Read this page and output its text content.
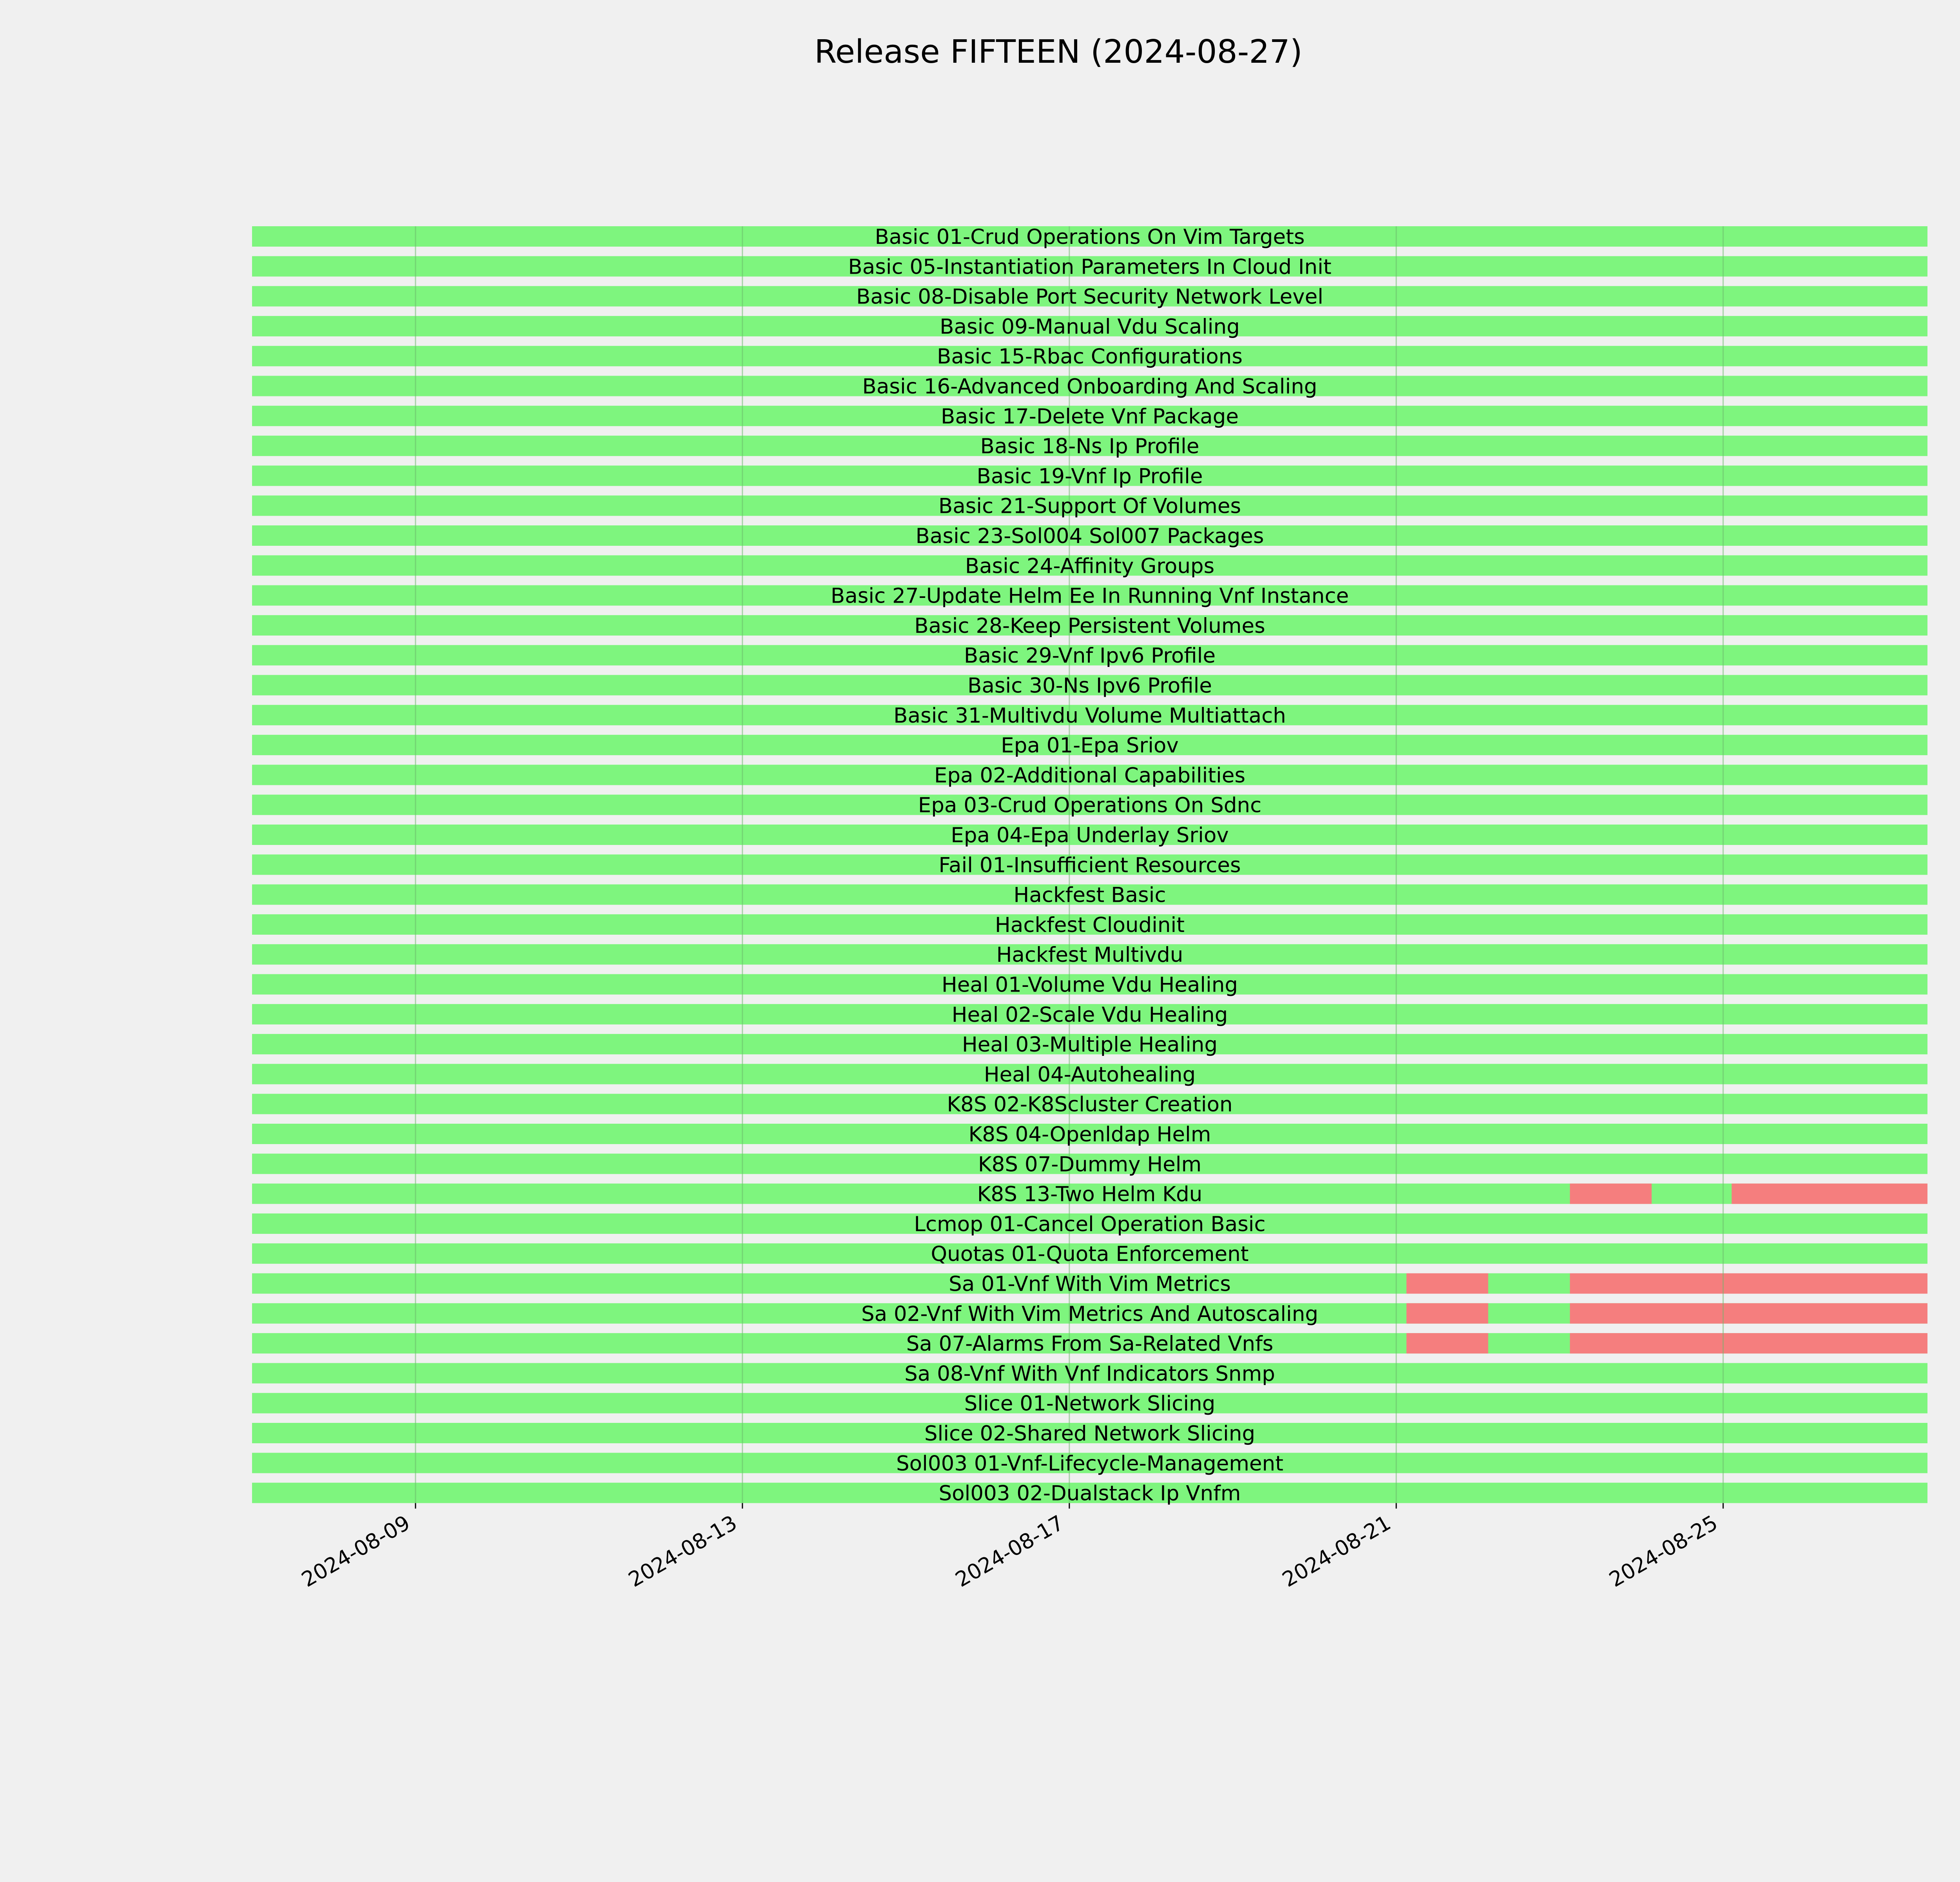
Release FIFTEEN (2024-08-27)
Basic 01-Crud Operations On Vim Targets
Basic 05-Instantiation Parameters In Cloud Init
Basic 08-Disable Port Security Network Level
Basic 09-Manual Vdu Scaling
Basic 15-Rbac Configurations
Basic 16-Advanced Onboarding And Scaling
Basic 17-Delete Vnf Package
Basic 18-Ns Ip Profile
Basic 19-Vnf Ip Profile
Basic 21-Support Of Volumes
Basic 23-Sol004 Sol007 Packages
Basic 24-Affinity Groups
Basic 27-Update Helm Ee In Running Vnf Instance
Basic 28-Keep Persistent Volumes
Basic 29-Vnf Ipv6 Profile
Basic 30-Ns Ipv6 Profile
Basic 31-Multivdu Volume Multiattach
Epa 01-Epa Sriov
Epa 02-Additional Capabilities
Epa 03-Crud Operations On Sdnc
Epa 04-Epa Underlay Sriov
Fail 01-Insufficient Resources
Hackfest Basic
Hackfest Cloudinit
Hackfest Multivdu
Heal 01-Volume Vdu Healing
Heal 02-Scale Vdu Healing
Heal 03-Multiple Healing
Heal 04-Autohealing
K8S 02-K8Scluster Creation
K8S 04-Openldap Helm
K8S 07-Dummy Helm
K8S 13-Two Helm Kdu
Lcmop 01-Cancel Operation Basic
Quotas 01-Quota Enforcement
Sa 01-Vnf With Vim Metrics
Sa 02-Vnf With Vim Metrics And Autoscaling
Sa 07-Alarms From Sa-Related Vnfs
Sa 08-Vnf With Vnf Indicators Snmp
Slice 01-Network Slicing
Slice 02-Shared Network Slicing
Sol003 01-Vnf-Lifecycle-Management
Sol003 02-Dualstack Ip Vnfm
2024-08-09	2024-08-13	2024-08-17	2024-08-21	2024-08-25
